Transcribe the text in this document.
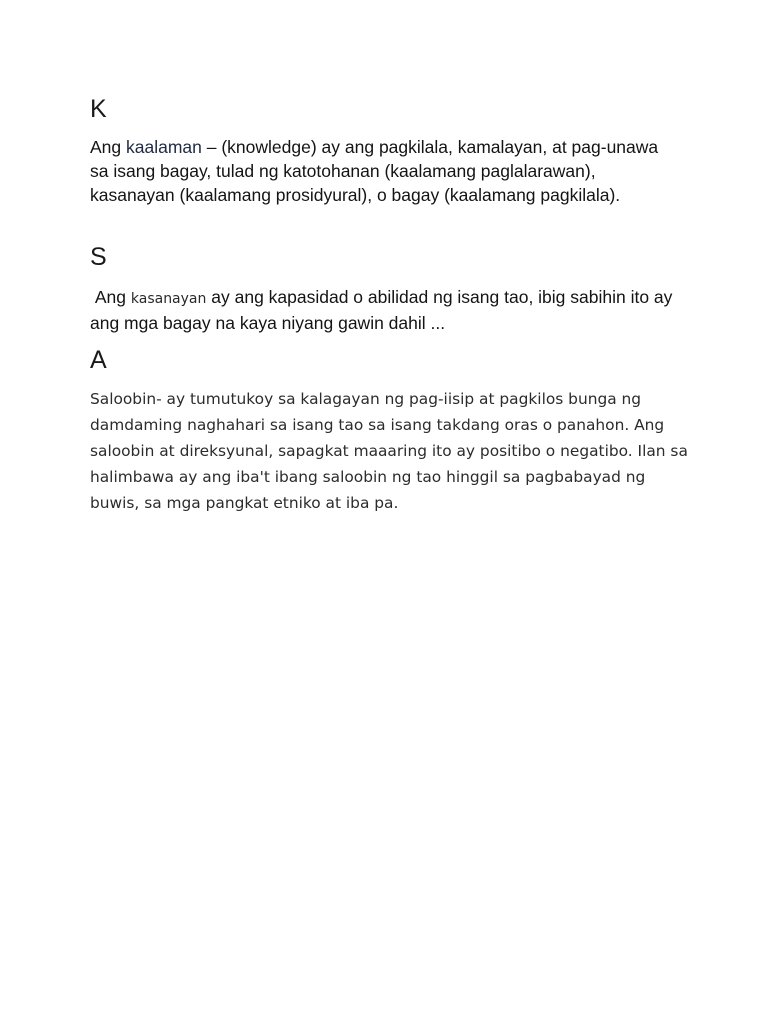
K

Ang kaalaman – (knowledge) ay ang pagkilala, kamalayan, at pag-unawa sa isang bagay, tulad ng katotohanan (kaalamang paglalarawan), kasanayan (kaalamang prosidyural), o bagay (kaalamang pagkilala).

S

Ang kasanayan ay ang kapasidad o abilidad ng isang tao, ibig sabihin ito ay ang mga bagay na kaya niyang gawin dahil ...

A

Saloobin- ay tumutukoy sa kalagayan ng pag-iisip at pagkilos bunga ng damdaming naghahari sa isang tao sa isang takdang oras o panahon. Ang saloobin at direksyunal, sapagkat maaaring ito ay positibo o negatibo. Ilan sa halimbawa ay ang iba't ibang saloobin ng tao hinggil sa pagbabayad ng buwis, sa mga pangkat etniko at iba pa.
